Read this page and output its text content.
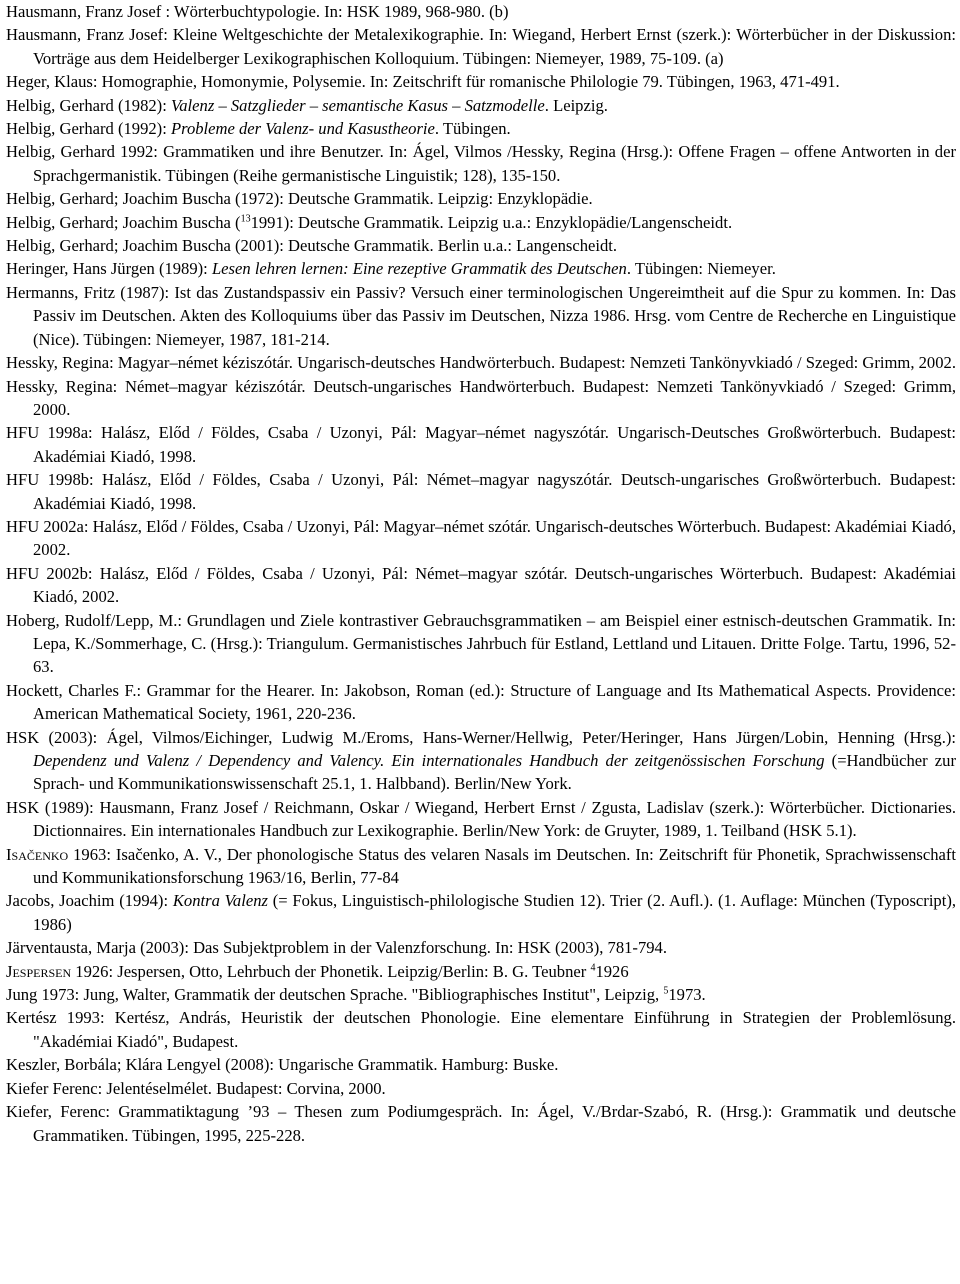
Hausmann, Franz Josef : Wörterbuchtypologie. In: HSK 1989, 968-980. (b)

Hausmann, Franz Josef: Kleine Weltgeschichte der Metalexikographie. In: Wiegand, Herbert Ernst (szerk.): Wörterbücher in der Diskussion: Vorträge aus dem Heidelberger Lexikographischen Kolloquium. Tübingen: Niemeyer, 1989, 75-109. (a)

Heger, Klaus: Homographie, Homonymie, Polysemie. In: Zeitschrift für romanische Philologie 79. Tübingen, 1963, 471-491.

Helbig, Gerhard (1982): Valenz – Satzglieder – semantische Kasus – Satzmodelle. Leipzig.

Helbig, Gerhard (1992): Probleme der Valenz- und Kasustheorie. Tübingen.

Helbig, Gerhard 1992: Grammatiken und ihre Benutzer. In: Ágel, Vilmos /Hessky, Regina (Hrsg.): Offene Fragen – offene Antworten in der Sprachgermanistik. Tübingen (Reihe germanistische Linguistik; 128), 135-150.

Helbig, Gerhard; Joachim Buscha (1972): Deutsche Grammatik. Leipzig: Enzyklopädie.

Helbig, Gerhard; Joachim Buscha ($^{13}$1991): Deutsche Grammatik. Leipzig u.a.: Enzyklopädie/Langenscheidt.

Helbig, Gerhard; Joachim Buscha (2001): Deutsche Grammatik. Berlin u.a.: Langenscheidt.

Heringer, Hans Jürgen (1989): Lesen lehren lernen: Eine rezeptive Grammatik des Deutschen. Tübingen: Niemeyer.

Hermanns, Fritz (1987): Ist das Zustandspassiv ein Passiv? Versuch einer terminologischen Ungereimtheit auf die Spur zu kommen. In: Das Passiv im Deutschen. Akten des Kolloquiums über das Passiv im Deutschen, Nizza 1986. Hrsg. vom Centre de Recherche en Linguistique (Nice). Tübingen: Niemeyer, 1987, 181-214.

Hessky, Regina: Magyar–német kéziszótár. Ungarisch-deutsches Handwörterbuch. Budapest: Nemzeti Tankönyvkiadó / Szeged: Grimm, 2002.

Hessky, Regina: Német–magyar kéziszótár. Deutsch-ungarisches Handwörterbuch. Budapest: Nemzeti Tankönyvkiadó / Szeged: Grimm, 2000.

HFU 1998a: Halász, Előd / Földes, Csaba / Uzonyi, Pál: Magyar–német nagyszótár. Ungarisch-Deutsches Großwörterbuch. Budapest: Akadémiai Kiadó, 1998.

HFU 1998b: Halász, Előd / Földes, Csaba / Uzonyi, Pál: Német–magyar nagyszótár. Deutsch-ungarisches Großwörterbuch. Budapest: Akadémiai Kiadó, 1998.

HFU 2002a: Halász, Előd / Földes, Csaba / Uzonyi, Pál: Magyar–német szótár. Ungarisch-deutsches Wörterbuch. Budapest: Akadémiai Kiadó, 2002.

HFU 2002b: Halász, Előd / Földes, Csaba / Uzonyi, Pál: Német–magyar szótár. Deutsch-ungarisches Wörterbuch. Budapest: Akadémiai Kiadó, 2002.

Hoberg, Rudolf/Lepp, M.: Grundlagen und Ziele kontrastiver Gebrauchsgrammatiken – am Beispiel einer estnisch-deutschen Grammatik. In: Lepa, K./Sommerhage, C. (Hrsg.): Triangulum. Germanistisches Jahrbuch für Estland, Lettland und Litauen. Dritte Folge. Tartu, 1996, 52-63.

Hockett, Charles F.: Grammar for the Hearer. In: Jakobson, Roman (ed.): Structure of Language and Its Mathematical Aspects. Providence: American Mathematical Society, 1961, 220-236.

HSK (2003): Ágel, Vilmos/Eichinger, Ludwig M./Eroms, Hans-Werner/Hellwig, Peter/Heringer, Hans Jürgen/Lobin, Henning (Hrsg.): Dependenz und Valenz / Dependency and Valency. Ein internationales Handbuch der zeitgenössischen Forschung (=Handbücher zur Sprach- und Kommunikationswissenschaft 25.1, 1. Halbband). Berlin/New York.

HSK (1989): Hausmann, Franz Josef / Reichmann, Oskar / Wiegand, Herbert Ernst / Zgusta, Ladislav (szerk.): Wörterbücher. Dictionaries. Dictionnaires. Ein internationales Handbuch zur Lexikographie. Berlin/New York: de Gruyter, 1989, 1. Teilband (HSK 5.1).

Isačenko 1963: Isačenko, A. V., Der phonologische Status des velaren Nasals im Deutschen. In: Zeitschrift für Phonetik, Sprachwissenschaft und Kommunikationsforschung 1963/16, Berlin, 77-84

Jacobs, Joachim (1994): Kontra Valenz (= Fokus, Linguistisch-philologische Studien 12). Trier (2. Aufl.). (1. Auflage: München (Typoscript), 1986)

Järventausta, Marja (2003): Das Subjektproblem in der Valenzforschung. In: HSK (2003), 781-794.

Jespersen 1926: Jespersen, Otto, Lehrbuch der Phonetik. Leipzig/Berlin: B. G. Teubner $^4$1926

Jung 1973: Jung, Walter, Grammatik der deutschen Sprache. "Bibliographisches Institut", Leipzig, $^5$1973.

Kertész 1993: Kertész, András, Heuristik der deutschen Phonologie. Eine elementare Einführung in Strategien der Problemlösung. "Akadémiai Kiadó", Budapest.

Keszler, Borbála; Klára Lengyel (2008): Ungarische Grammatik. Hamburg: Buske.

Kiefer Ferenc: Jelentéselmélet. Budapest: Corvina, 2000.

Kiefer, Ferenc: Grammatiktagung ’93 – Thesen zum Podiumgespräch. In: Ágel, V./Brdar-Szabó, R. (Hrsg.): Grammatik und deutsche Grammatiken. Tübingen, 1995, 225-228.
